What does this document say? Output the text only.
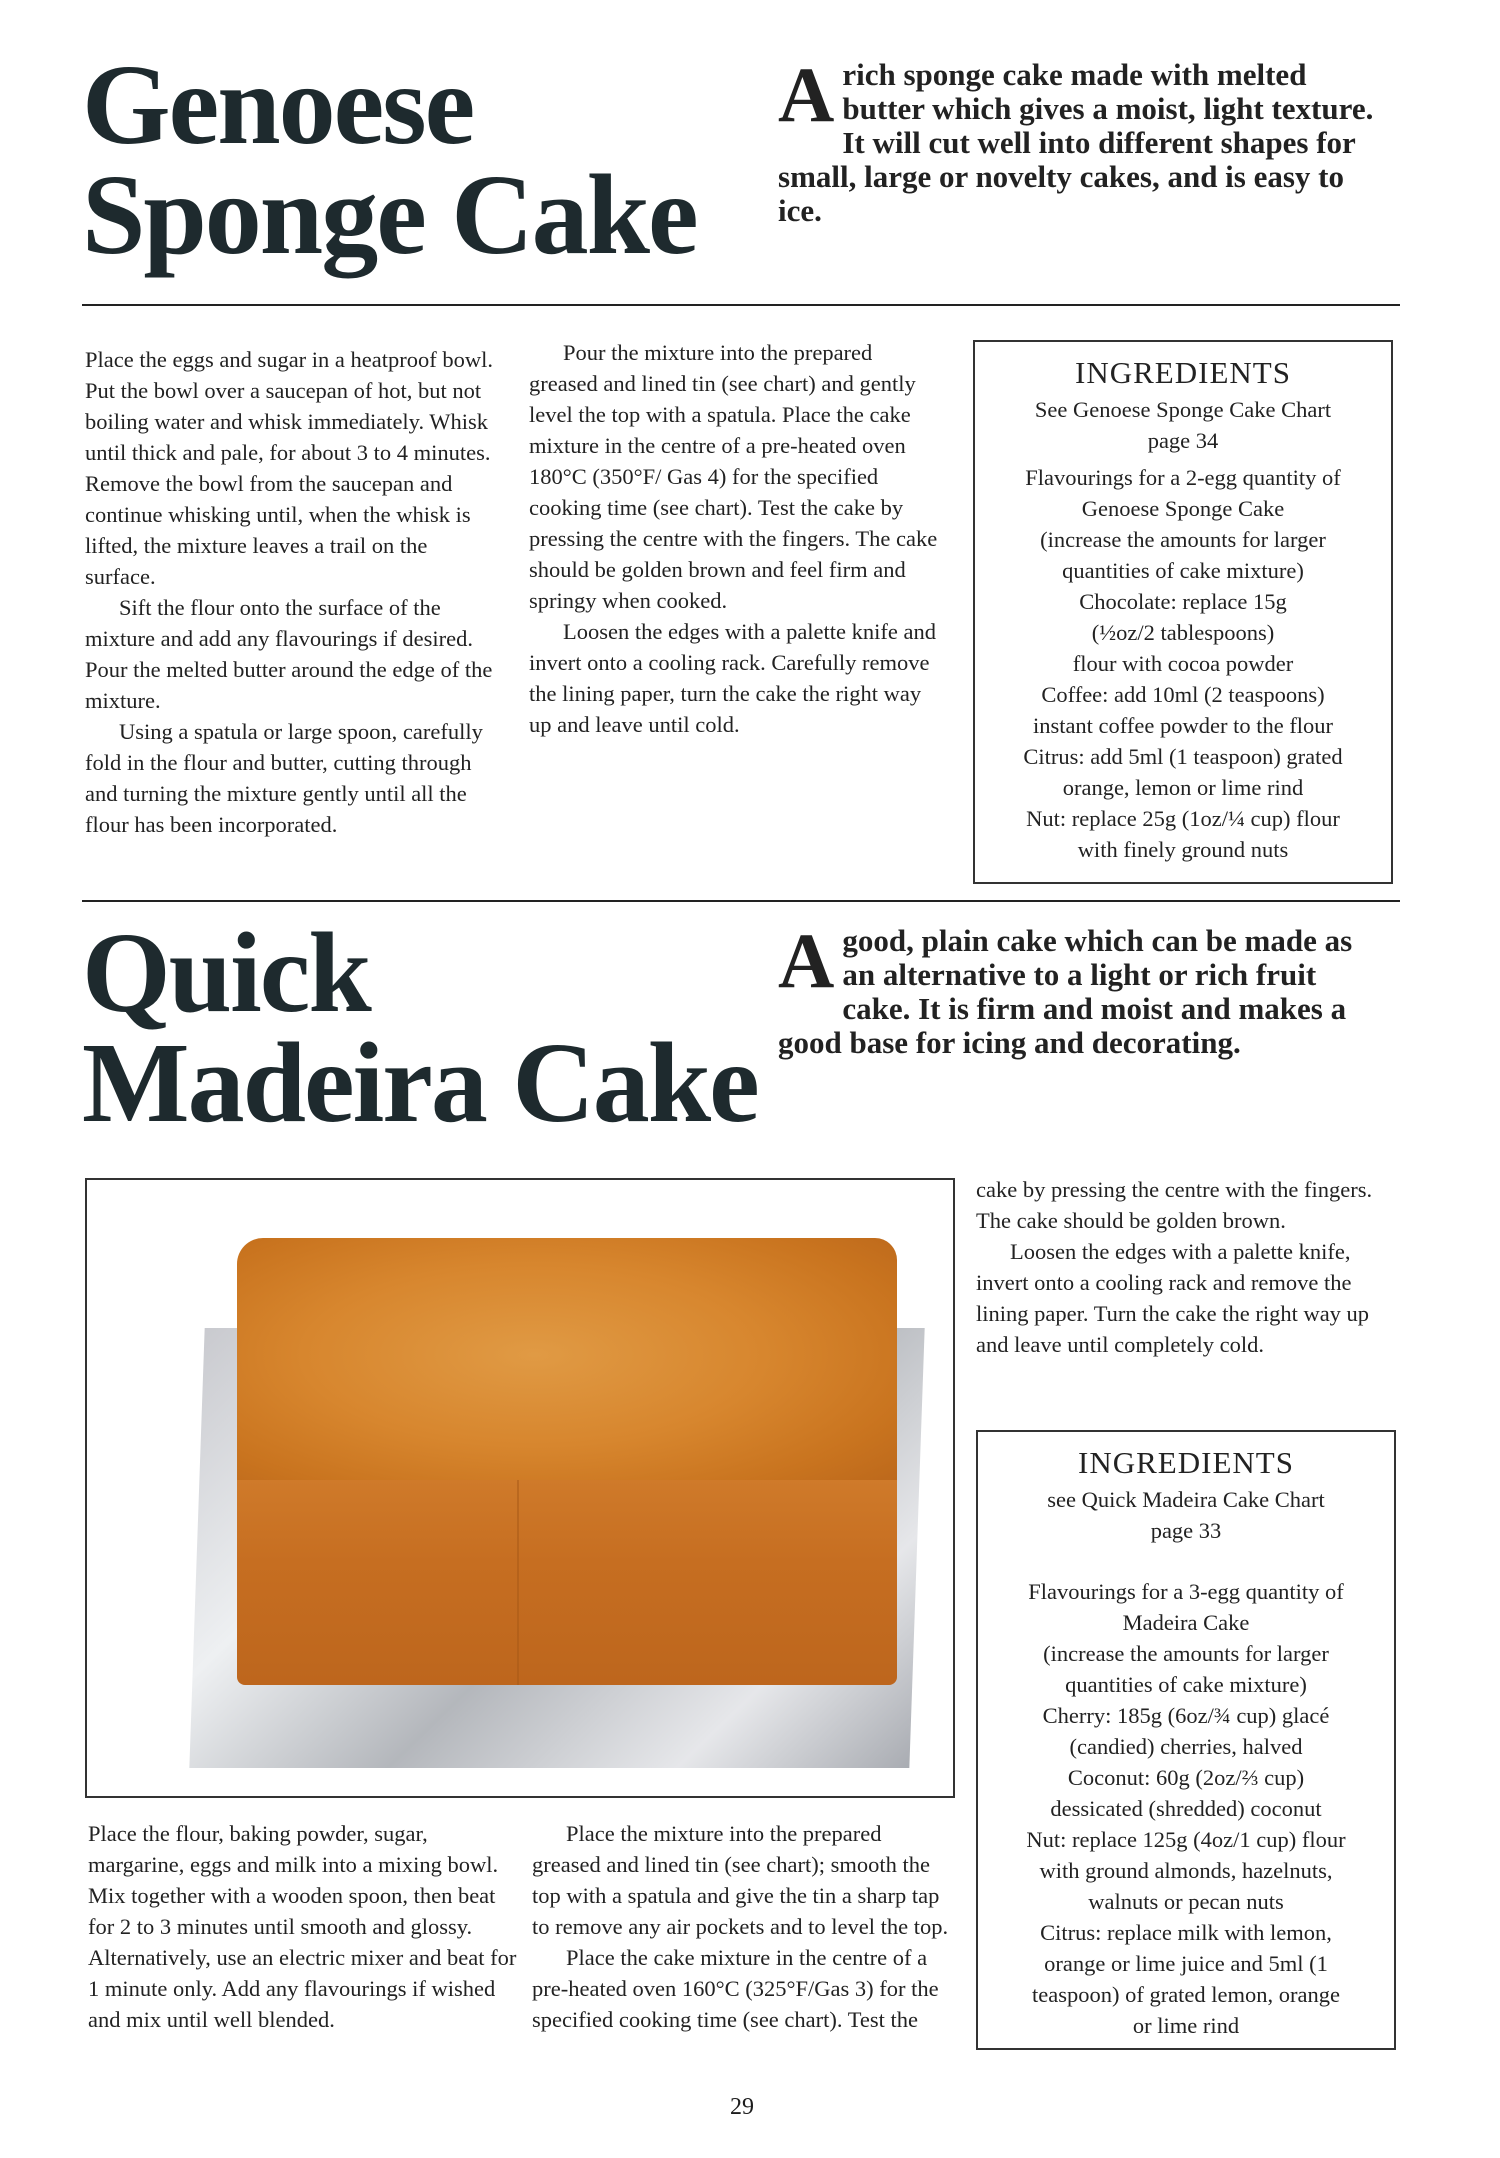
Genoese
Sponge Cake
Arich sponge cake made with melted butter which gives a moist, light texture. It will cut well into different shapes for small, large or novelty cakes, and is easy to ice.

Place the eggs and sugar in a heatproof bowl. Put the bowl over a saucepan of hot, but not boiling water and whisk immediately. Whisk until thick and pale, for about 3 to 4 minutes. Remove the bowl from the saucepan and continue whisking until, when the whisk is lifted, the mixture leaves a trail on the surface.

Sift the flour onto the surface of the mixture and add any flavourings if desired. Pour the melted butter around the edge of the mixture.

Using a spatula or large spoon, carefully fold in the flour and butter, cutting through and turning the mixture gently until all the flour has been incorporated.

Pour the mixture into the prepared greased and lined tin (see chart) and gently level the top with a spatula. Place the cake mixture in the centre of a pre-heated oven 180°C (350°F/ Gas 4) for the specified cooking time (see chart). Test the cake by pressing the centre with the fingers. The cake should be golden brown and feel firm and springy when cooked.

Loosen the edges with a palette knife and invert onto a cooling rack. Carefully remove the lining paper, turn the cake the right way up and leave until cold.

INGREDIENTS
See Genoese Sponge Cake Chart
page 34
Flavourings for a 2-egg quantity of
Genoese Sponge Cake
(increase the amounts for larger
quantities of cake mixture)
Chocolate: replace 15g
(½oz/2 tablespoons)
flour with cocoa powder
Coffee: add 10ml (2 teaspoons)
instant coffee powder to the flour
Citrus: add 5ml (1 teaspoon) grated
orange, lemon or lime rind
Nut: replace 25g (1oz/¼ cup) flour
with finely ground nuts
Quick
Madeira Cake
Agood, plain cake which can be made as an alternative to a light or rich fruit cake. It is firm and moist and makes a good base for icing and decorating.

cake by pressing the centre with the fingers. The cake should be golden brown.

Loosen the edges with a palette knife, invert onto a cooling rack and remove the lining paper. Turn the cake the right way up and leave until completely cold.

INGREDIENTS
see Quick Madeira Cake Chart
page 33
Flavourings for a 3-egg quantity of
Madeira Cake
(increase the amounts for larger
quantities of cake mixture)
Cherry: 185g (6oz/¾ cup) glacé
(candied) cherries, halved
Coconut: 60g (2oz/⅔ cup)
dessicated (shredded) coconut
Nut: replace 125g (4oz/1 cup) flour
with ground almonds, hazelnuts,
walnuts or pecan nuts
Citrus: replace milk with lemon,
orange or lime juice and 5ml (1
teaspoon) of grated lemon, orange
or lime rind

Place the flour, baking powder, sugar, margarine, eggs and milk into a mixing bowl. Mix together with a wooden spoon, then beat for 2 to 3 minutes until smooth and glossy. Alternatively, use an electric mixer and beat for 1 minute only. Add any flavourings if wished and mix until well blended.

Place the mixture into the prepared greased and lined tin (see chart); smooth the top with a spatula and give the tin a sharp tap to remove any air pockets and to level the top.

Place the cake mixture in the centre of a pre-heated oven 160°C (325°F/Gas 3) for the specified cooking time (see chart). Test the

29
